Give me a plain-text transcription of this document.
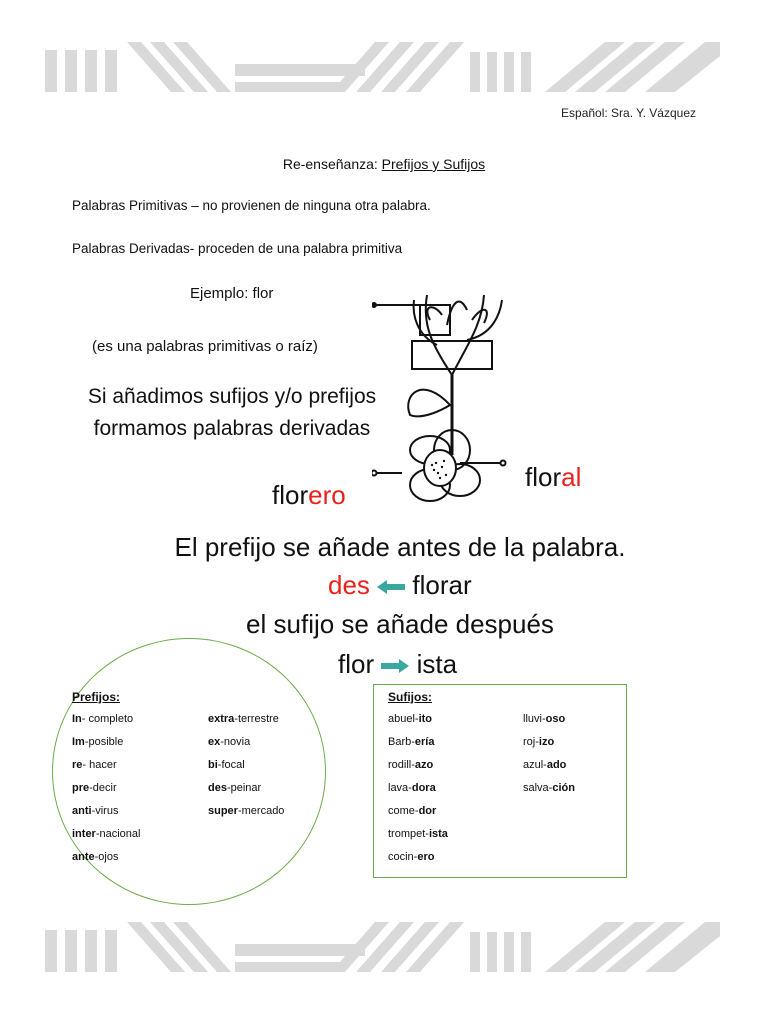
Español: Sra. Y. Vázquez
Re-enseñanza: Prefijos y Sufijos
Palabras Primitivas – no provienen de ninguna otra palabra.
Palabras Derivadas- proceden de una palabra primitiva
Ejemplo: flor
(es una palabras primitivas o raíz)
Si añadimos sufijos y/o prefijos
formamos palabras derivadas
florero
floral
El prefijo se añade antes de la palabra.
des florar
el sufijo se añade después
flor ista
Prefijos:
In- completo
Im-posible
re- hacer
pre-decir
anti-virus
inter-nacional
ante-ojos
extra-terrestre
ex-novia
bi-focal
des-peinar
super-mercado
Sufijos:
abuel-ito
Barb-ería
rodill-azo
lava-dora
come-dor
trompet-ista
cocin-ero
lluvi-oso
roj-izo
azul-ado
salva-ción
